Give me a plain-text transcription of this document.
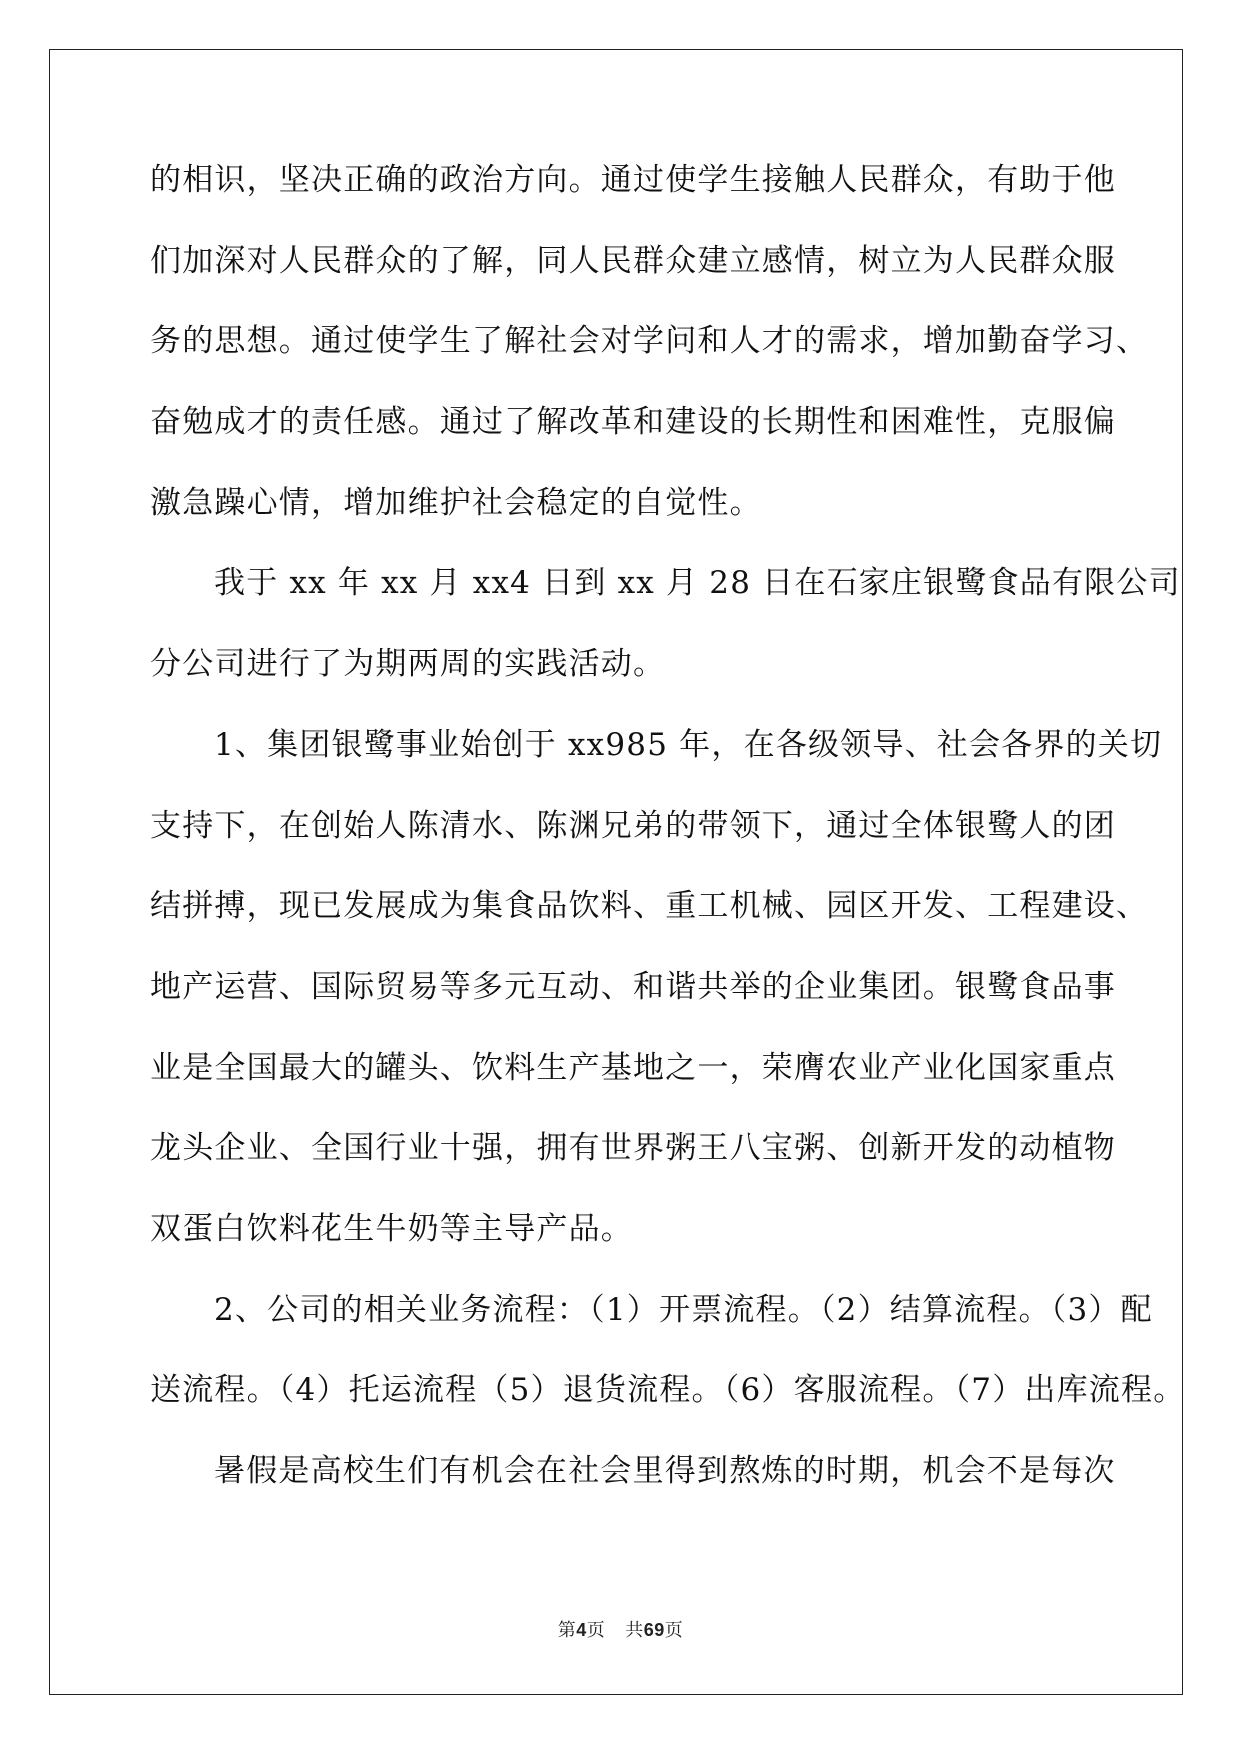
的相识，坚决正确的政治方向。通过使学生接触人民群众，有助于他
们加深对人民群众的了解，同人民群众建立感情，树立为人民群众服
务的思想。通过使学生了解社会对学问和人才的需求，增加勤奋学习、
奋勉成才的责任感。通过了解改革和建设的长期性和困难性，克服偏
激急躁心情，增加维护社会稳定的自觉性。
我于 xx 年 xx 月 xx4 日到 xx 月 28 日在石家庄银鹭食品有限公司
分公司进行了为期两周的实践活动。
1、集团银鹭事业始创于 xx985 年，在各级领导、社会各界的关切
支持下，在创始人陈清水、陈渊兄弟的带领下，通过全体银鹭人的团
结拼搏，现已发展成为集食品饮料、重工机械、园区开发、工程建设、
地产运营、国际贸易等多元互动、和谐共举的企业集团。银鹭食品事
业是全国最大的罐头、饮料生产基地之一，荣膺农业产业化国家重点
龙头企业、全国行业十强，拥有世界粥王八宝粥、创新开发的动植物
双蛋白饮料花生牛奶等主导产品。
2、公司的相关业务流程：（1）开票流程。（2）结算流程。（3）配
送流程。（4）托运流程（5）退货流程。（6）客服流程。（7）出库流程。
暑假是高校生们有机会在社会里得到熬炼的时期，机会不是每次
第4页 共69页
